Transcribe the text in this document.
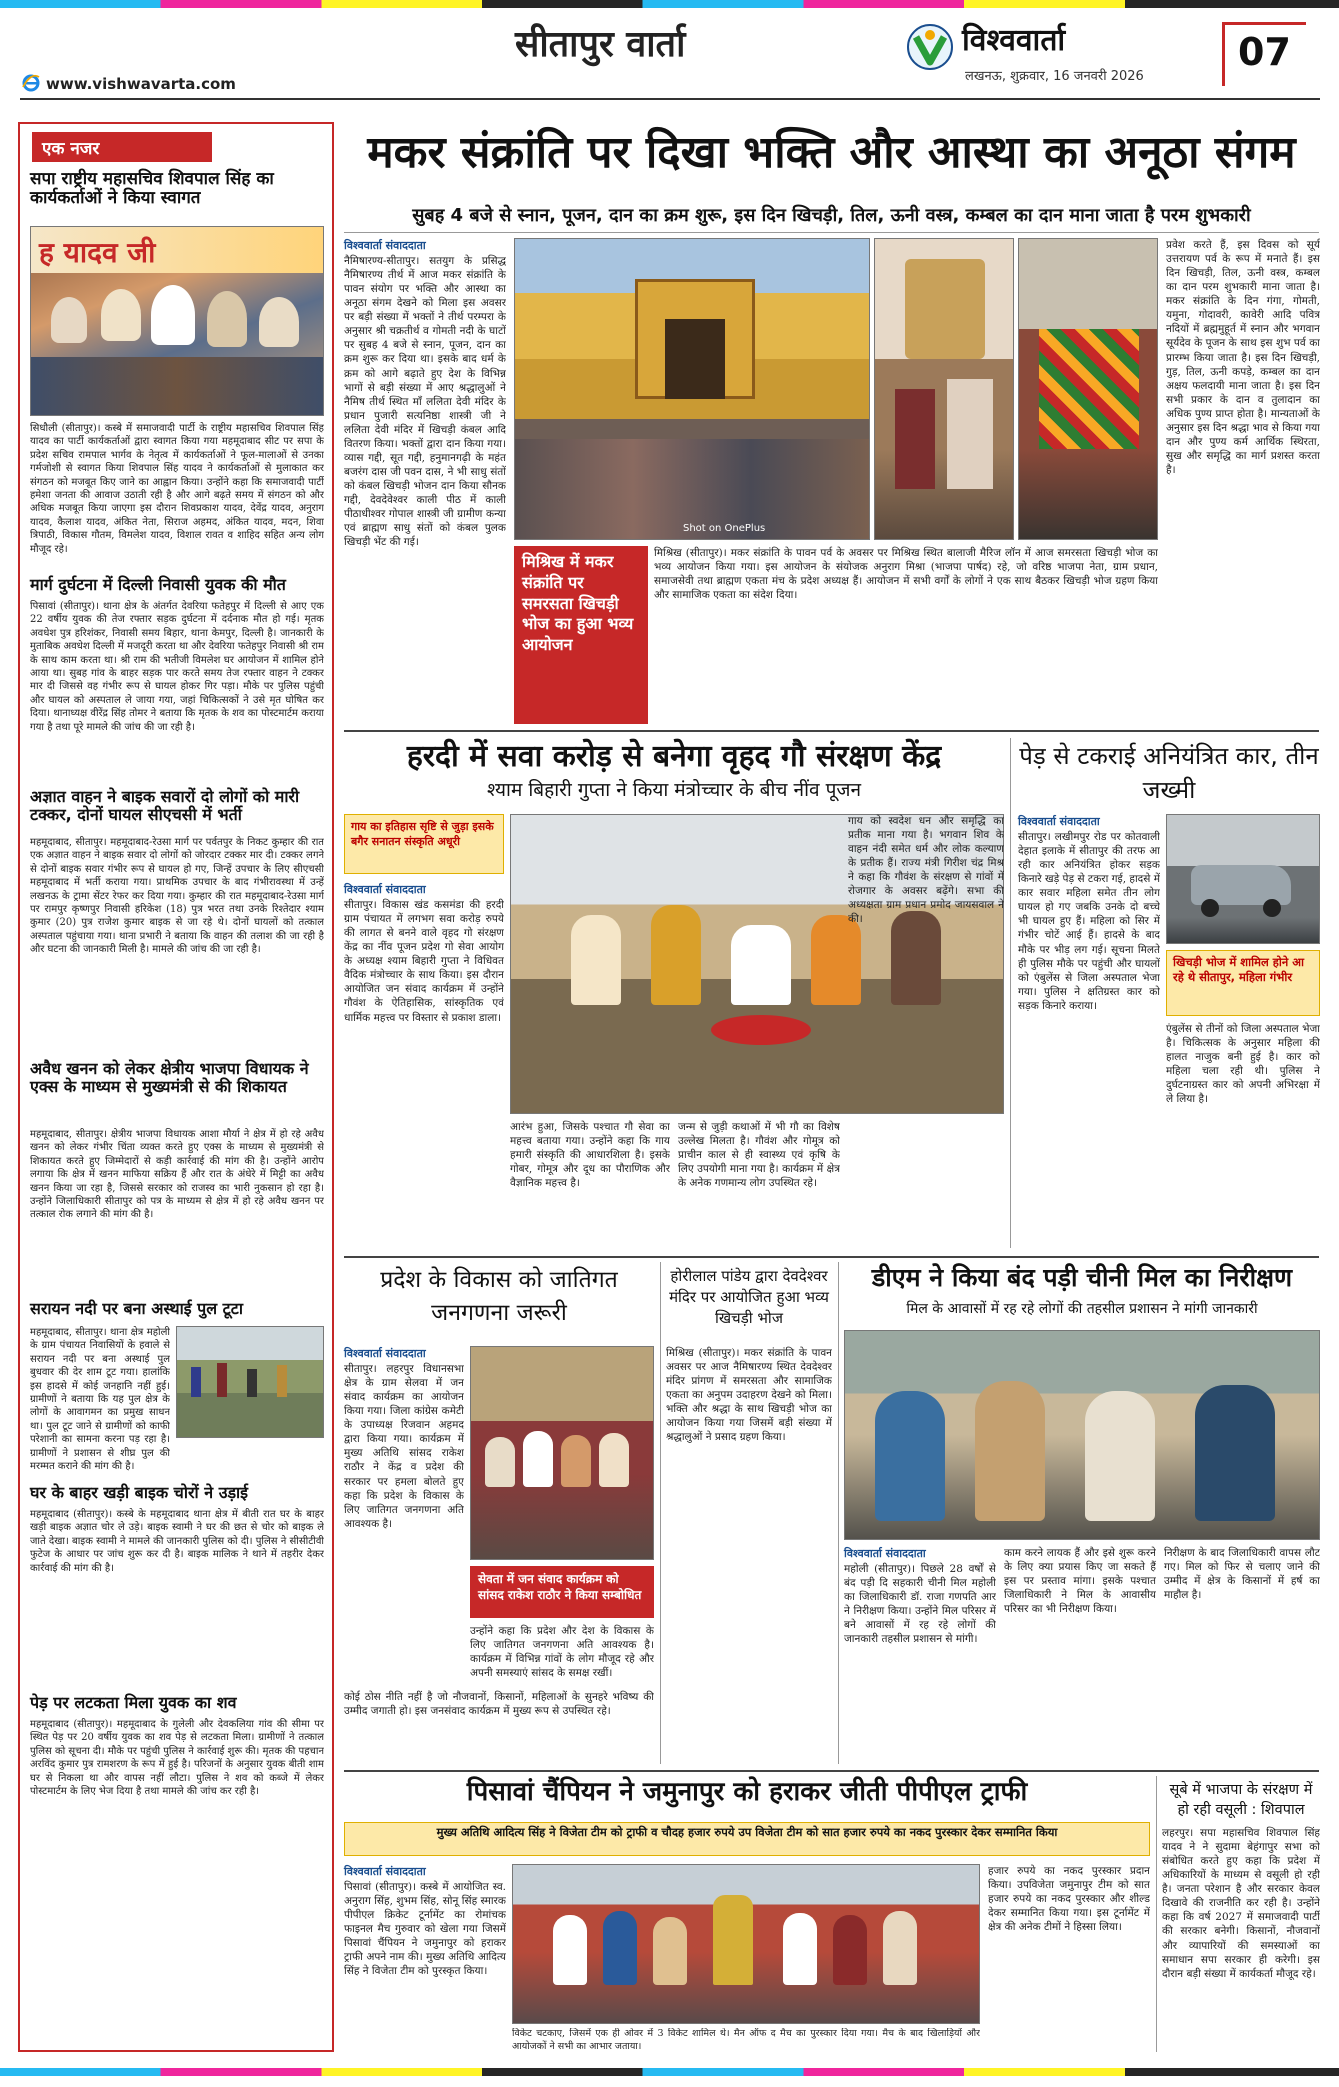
सीतापुर वार्ता	विश्ववार्ता
लखनऊ, शुक्रवार, 16 जनवरी 2026
07
www.vishwavarta.com
एक नजर
सपा राष्ट्रीय महासचिव शिवपाल सिंह का कार्यकर्ताओं ने किया स्वागत
ह यादव जी
सिधौली (सीतापुर)। कस्बे में समाजवादी पार्टी के राष्ट्रीय महासचिव शिवपाल सिंह यादव का पार्टी कार्यकर्ताओं द्वारा स्वागत किया गया महमूदाबाद सीट पर सपा के प्रदेश सचिव रामपाल भार्गव के नेतृत्व में कार्यकर्ताओं ने फूल-मालाओं से उनका गर्मजोशी से स्वागत किया शिवपाल सिंह यादव ने कार्यकर्ताओं से मुलाकात कर संगठन को मजबूत किए जाने का आह्वान किया। उन्होंने कहा कि समाजवादी पार्टी हमेशा जनता की आवाज उठाती रही है और आगे बढ़ते समय में संगठन को और अधिक मजबूत किया जाएगा इस दौरान शिवप्रकाश यादव, देवेंद्र यादव, अनुराग यादव, कैलाश यादव, अंकित नेता, सिराज अहमद, अंकित यादव, मदन, शिवा त्रिपाठी, विकास गौतम, विमलेश यादव, विशाल रावत व शाहिद सहित अन्य लोग मौजूद रहे।
मार्ग दुर्घटना में दिल्ली निवासी युवक की मौत
पिसावां (सीतापुर)। थाना क्षेत्र के अंतर्गत देवरिया फतेहपुर में दिल्ली से आए एक 22 वर्षीय युवक की तेज रफ्तार सड़क दुर्घटना में दर्दनाक मौत हो गई। मृतक अवधेश पुत्र हरिशंकर, निवासी समय बिहार, थाना केमपुर, दिल्ली है। जानकारी के मुताबिक अवधेश दिल्ली में मजदूरी करता था और देवरिया फतेहपुर निवासी श्री राम के साथ काम करता था। श्री राम की भतीजी विमलेश घर आयोजन में शामिल होने आया था। सुबह गांव के बाहर सड़क पार करते समय तेज रफ्तार वाहन ने टक्कर मार दी जिससे वह गंभीर रूप से घायल होकर गिर पड़ा। मौके पर पुलिस पहुंची और घायल को अस्पताल ले जाया गया, जहां चिकित्सकों ने उसे मृत घोषित कर दिया। थानाध्यक्ष वीरेंद्र सिंह तोमर ने बताया कि मृतक के शव का पोस्टमार्टम कराया गया है तथा पूरे मामले की जांच की जा रही है।
अज्ञात वाहन ने बाइक सवारों दो लोगों को मारी टक्कर, दोनों घायल सीएचसी में भर्ती
महमूदाबाद, सीतापुर। महमूदाबाद-रेउसा मार्ग पर पर्वतपुर के निकट कुम्हार की रात एक अज्ञात वाहन ने बाइक सवार दो लोगों को जोरदार टक्कर मार दी। टक्कर लगने से दोनों बाइक सवार गंभीर रूप से घायल हो गए, जिन्हें उपचार के लिए सीएचसी महमूदाबाद में भर्ती कराया गया। प्राथमिक उपचार के बाद गंभीरावस्था में उन्हें लखनऊ के ट्रामा सेंटर रेफर कर दिया गया। कुम्हार की रात महमूदाबाद-रेउसा मार्ग पर रामपुर कृष्णपुर निवासी हरिकेश (18) पुत्र भरत तथा उनके रिश्तेदार श्याम कुमार (20) पुत्र राजेश कुमार बाइक से जा रहे थे। दोनों घायलों को तत्काल अस्पताल पहुंचाया गया। थाना प्रभारी ने बताया कि वाहन की तलाश की जा रही है और घटना की जानकारी मिली है। मामले की जांच की जा रही है।
अवैध खनन को लेकर क्षेत्रीय भाजपा विधायक ने एक्स के माध्यम से मुख्यमंत्री से की शिकायत
महमूदाबाद, सीतापुर। क्षेत्रीय भाजपा विधायक आशा मौर्या ने क्षेत्र में हो रहे अवैध खनन को लेकर गंभीर चिंता व्यक्त करते हुए एक्स के माध्यम से मुख्यमंत्री से शिकायत करते हुए जिम्मेदारों से कड़ी कार्रवाई की मांग की है। उन्होंने आरोप लगाया कि क्षेत्र में खनन माफिया सक्रिय हैं और रात के अंधेरे में मिट्टी का अवैध खनन किया जा रहा है, जिससे सरकार को राजस्व का भारी नुकसान हो रहा है। उन्होंने जिलाधिकारी सीतापुर को पत्र के माध्यम से क्षेत्र में हो रहे अवैध खनन पर तत्काल रोक लगाने की मांग की है।
सरायन नदी पर बना अस्थाई पुल टूटा
महमूदाबाद, सीतापुर। थाना क्षेत्र महोली के ग्राम पंचायत निवासियों के हवाले से सरायन नदी पर बना अस्थाई पुल बुधवार की देर शाम टूट गया। हालांकि इस हादसे में कोई जनहानि नहीं हुई। ग्रामीणों ने बताया कि यह पुल क्षेत्र के लोगों के आवागमन का प्रमुख साधन था। पुल टूट जाने से ग्रामीणों को काफी परेशानी का सामना करना पड़ रहा है। ग्रामीणों ने प्रशासन से शीघ्र पुल की मरम्मत कराने की मांग की है।
घर के बाहर खड़ी बाइक चोरों ने उड़ाई
महमूदाबाद (सीतापुर)। कस्बे के महमूदाबाद थाना क्षेत्र में बीती रात घर के बाहर खड़ी बाइक अज्ञात चोर ले उड़े। बाइक स्वामी ने घर की छत से चोर को बाइक ले जाते देखा। बाइक स्वामी ने मामले की जानकारी पुलिस को दी। पुलिस ने सीसीटीवी फुटेज के आधार पर जांच शुरू कर दी है। बाइक मालिक ने थाने में तहरीर देकर कार्रवाई की मांग की है।
पेड़ पर लटकता मिला युवक का शव
महमूदाबाद (सीतापुर)। महमूदाबाद के गुलेली और देवकलिया गांव की सीमा पर स्थित पेड़ पर 20 वर्षीय युवक का शव पेड़ से लटकता मिला। ग्रामीणों ने तत्काल पुलिस को सूचना दी। मौके पर पहुंची पुलिस ने कार्रवाई शुरू की। मृतक की पहचान अरविंद कुमार पुत्र रामशरण के रूप में हुई है। परिजनों के अनुसार युवक बीती शाम घर से निकला था और वापस नहीं लौटा। पुलिस ने शव को कब्जे में लेकर पोस्टमार्टम के लिए भेज दिया है तथा मामले की जांच कर रही है।
मकर संक्रांति पर दिखा भक्ति और आस्था का अनूठा संगम
सुबह 4 बजे से स्नान, पूजन, दान का क्रम शुरू, इस दिन खिचड़ी, तिल, ऊनी वस्त्र, कम्बल का दान माना जाता है परम शुभकारी
विश्ववार्ता संवाददाता
नैमिषारण्य-सीतापुर। सतयुग के प्रसिद्ध नैमिषारण्य तीर्थ में आज मकर संक्रांति के पावन संयोग पर भक्ति और आस्था का अनूठा संगम देखने को मिला इस अवसर पर बड़ी संख्या में भक्तों ने तीर्थ परम्परा के अनुसार श्री चक्रतीर्थ व गोमती नदी के घाटों पर सुबह 4 बजे से स्नान, पूजन, दान का क्रम शुरू कर दिया था। इसके बाद धर्म के क्रम को आगे बढ़ाते हुए देश के विभिन्न भागों से बड़ी संख्या में आए श्रद्धालुओं ने नैमिष तीर्थ स्थित माँ ललिता देवी मंदिर के प्रधान पुजारी सत्यनिष्ठा शास्त्री जी ने ललिता देवी मंदिर में खिचड़ी कंबल आदि वितरण किया। भक्तों द्वारा दान किया गया। व्यास गद्दी, सूत गद्दी, हनुमानगढ़ी के महंत बजरंग दास जी पवन दास, ने भी साधु संतों को कंबल खिचड़ी भोजन दान किया सौनक गद्दी, देवदेवेश्वर काली पीठ में काली पीठाधीश्वर गोपाल शास्त्री जी ग्रामीण कन्या एवं ब्राह्मण साधु संतों को कंबल पुलक खिचड़ी भेंट की गई।
Shot on OnePlus
प्रवेश करते हैं, इस दिवस को सूर्य उत्तरायण पर्व के रूप में मनाते हैं। इस दिन खिचड़ी, तिल, ऊनी वस्त्र, कम्बल का दान परम शुभकारी माना जाता है। मकर संक्रांति के दिन गंगा, गोमती, यमुना, गोदावरी, कावेरी आदि पवित्र नदियों में ब्रह्ममुहूर्त में स्नान और भगवान सूर्यदेव के पूजन के साथ इस शुभ पर्व का प्रारम्भ किया जाता है। इस दिन खिचड़ी, गुड़, तिल, ऊनी कपड़े, कम्बल का दान अक्षय फलदायी माना जाता है। इस दिन सभी प्रकार के दान व तुलादान का अधिक पुण्य प्राप्त होता है। मान्यताओं के अनुसार इस दिन श्रद्धा भाव से किया गया दान और पुण्य कर्म आर्थिक स्थिरता, सुख और समृद्धि का मार्ग प्रशस्त करता है।
मिश्रिख में मकर संक्रांति पर समरसता खिचड़ी भोज का हुआ भव्य आयोजन
मिश्रिख (सीतापुर)। मकर संक्रांति के पावन पर्व के अवसर पर मिश्रिख स्थित बालाजी मैरिज लॉन में आज समरसता खिचड़ी भोज का भव्य आयोजन किया गया। इस आयोजन के संयोजक अनुराग मिश्रा (भाजपा पार्षद) रहे, जो वरिष्ठ भाजपा नेता, ग्राम प्रधान, समाजसेवी तथा ब्राह्मण एकता मंच के प्रदेश अध्यक्ष हैं। आयोजन में सभी वर्गों के लोगों ने एक साथ बैठकर खिचड़ी भोज ग्रहण किया और सामाजिक एकता का संदेश दिया।
हरदी में सवा करोड़ से बनेगा वृहद गौ संरक्षण केंद्र
श्याम बिहारी गुप्ता ने किया मंत्रोच्चार के बीच नींव पूजन
गाय का इतिहास सृष्टि से जुड़ा इसके बगैर सनातन संस्कृति अधूरी
विश्ववार्ता संवाददाता
सीतापुर। विकास खंड कसमंडा की हरदी ग्राम पंचायत में लगभग सवा करोड़ रुपये की लागत से बनने वाले वृहद गो संरक्षण केंद्र का नींव पूजन प्रदेश गो सेवा आयोग के अध्यक्ष श्याम बिहारी गुप्ता ने विधिवत वैदिक मंत्रोच्चार के साथ किया। इस दौरान आयोजित जन संवाद कार्यक्रम में उन्होंने गौवंश के ऐतिहासिक, सांस्कृतिक एवं धार्मिक महत्त्व पर विस्तार से प्रकाश डाला।
आरंभ हुआ, जिसके पश्चात गौ सेवा का महत्त्व बताया गया। उन्होंने कहा कि गाय हमारी संस्कृति की आधारशिला है। इसके गोबर, गोमूत्र और दूध का पौराणिक और वैज्ञानिक महत्त्व है।
जन्म से जुड़ी कथाओं में भी गौ का विशेष उल्लेख मिलता है। गौवंश और गोमूत्र को प्राचीन काल से ही स्वास्थ्य एवं कृषि के लिए उपयोगी माना गया है। कार्यक्रम में क्षेत्र के अनेक गणमान्य लोग उपस्थित रहे।
गाय को स्वदेश धन और समृद्धि का प्रतीक माना गया है। भगवान शिव के वाहन नंदी समेत धर्म और लोक कल्याण के प्रतीक हैं। राज्य मंत्री गिरीश चंद्र मिश्र ने कहा कि गौवंश के संरक्षण से गांवों में रोजगार के अवसर बढ़ेंगे। सभा की अध्यक्षता ग्राम प्रधान प्रमोद जायसवाल ने की।
पेड़ से टकराई अनियंत्रित कार, तीन जख्मी
विश्ववार्ता संवाददाता
सीतापुर। लखीमपुर रोड पर कोतवाली देहात इलाके में सीतापुर की तरफ आ रही कार अनियंत्रित होकर सड़क किनारे खड़े पेड़ से टकरा गई, हादसे में कार सवार महिला समेत तीन लोग घायल हो गए जबकि उनके दो बच्चे भी घायल हुए हैं। महिला को सिर में गंभीर चोटें आई हैं। हादसे के बाद मौके पर भीड़ लग गई। सूचना मिलते ही पुलिस मौके पर पहुंची और घायलों को एंबुलेंस से जिला अस्पताल भेजा गया। पुलिस ने क्षतिग्रस्त कार को सड़क किनारे कराया।
खिचड़ी भोज में शामिल होने आ रहे थे सीतापुर, महिला गंभीर
एंबुलेंस से तीनों को जिला अस्पताल भेजा है। चिकित्सक के अनुसार महिला की हालत नाजुक बनी हुई है। कार को महिला चला रही थी। पुलिस ने दुर्घटनाग्रस्त कार को अपनी अभिरक्षा में ले लिया है।
प्रदेश के विकास को जातिगत जनगणना जरूरी
विश्ववार्ता संवाददाता
सीतापुर। लहरपुर विधानसभा क्षेत्र के ग्राम सेलवा में जन संवाद कार्यक्रम का आयोजन किया गया। जिला कांग्रेस कमेटी के उपाध्यक्ष रिजवान अहमद द्वारा किया गया। कार्यक्रम में मुख्य अतिथि सांसद राकेश राठौर ने केंद्र व प्रदेश की सरकार पर हमला बोलते हुए कहा कि प्रदेश के विकास के लिए जातिगत जनगणना अति आवश्यक है।
सेवता में जन संवाद कार्यक्रम को सांसद राकेश राठौर ने किया सम्बोधित
उन्होंने कहा कि प्रदेश और देश के विकास के लिए जातिगत जनगणना अति आवश्यक है। कार्यक्रम में विभिन्न गांवों के लोग मौजूद रहे और अपनी समस्याएं सांसद के समक्ष रखीं।
कोई ठोस नीति नहीं है जो नौजवानों, किसानों, महिलाओं के सुनहरे भविष्य की उम्मीद जगाती हो। इस जनसंवाद कार्यक्रम में मुख्य रूप से उपस्थित रहे।
होरीलाल पांडेय द्वारा देवदेश्वर मंदिर पर आयोजित हुआ भव्य खिचड़ी भोज
मिश्रिख (सीतापुर)। मकर संक्रांति के पावन अवसर पर आज नैमिषारण्य स्थित देवदेश्वर मंदिर प्रांगण में समरसता और सामाजिक एकता का अनुपम उदाहरण देखने को मिला। भक्ति और श्रद्धा के साथ खिचड़ी भोज का आयोजन किया गया जिसमें बड़ी संख्या में श्रद्धालुओं ने प्रसाद ग्रहण किया।
डीएम ने किया बंद पड़ी चीनी मिल का निरीक्षण
मिल के आवासों में रह रहे लोगों की तहसील प्रशासन ने मांगी जानकारी
विश्ववार्ता संवाददाता
महोली (सीतापुर)। पिछले 28 वर्षों से बंद पड़ी दि सहकारी चीनी मिल महोली का जिलाधिकारी डॉ. राजा गणपति आर ने निरीक्षण किया। उन्होंने मिल परिसर में बने आवासों में रह रहे लोगों की जानकारी तहसील प्रशासन से मांगी।
काम करने लायक हैं और इसे शुरू करने के लिए क्या प्रयास किए जा सकते हैं इस पर प्रस्ताव मांगा। इसके पश्चात जिलाधिकारी ने मिल के आवासीय परिसर का भी निरीक्षण किया।
निरीक्षण के बाद जिलाधिकारी वापस लौट गए। मिल को फिर से चलाए जाने की उम्मीद में क्षेत्र के किसानों में हर्ष का माहौल है।
पिसावां चैंपियन ने जमुनापुर को हराकर जीती पीपीएल ट्राफी
मुख्य अतिथि आदित्य सिंह ने विजेता टीम को ट्राफी व चौदह हजार रुपये उप विजेता टीम को सात हजार रुपये का नकद पुरस्कार देकर सम्मानित किया
विश्ववार्ता संवाददाता
पिसावां (सीतापुर)। कस्बे में आयोजित स्व. अनुराग सिंह, शुभम सिंह, सोनू सिंह स्मारक पीपीएल क्रिकेट टूर्नामेंट का रोमांचक फाइनल मैच गुरुवार को खेला गया जिसमें पिसावां चैंपियन ने जमुनापुर को हराकर ट्राफी अपने नाम की। मुख्य अतिथि आदित्य सिंह ने विजेता टीम को पुरस्कृत किया।
विकेट चटकाए, जिसमें एक ही ओवर में 3 विकेट शामिल थे। मैन ऑफ द मैच का पुरस्कार दिया गया। मैच के बाद खिलाड़ियों और आयोजकों ने सभी का आभार जताया।
हजार रुपये का नकद पुरस्कार प्रदान किया। उपविजेता जमुनापुर टीम को सात हजार रुपये का नकद पुरस्कार और शील्ड देकर सम्मानित किया गया। इस टूर्नामेंट में क्षेत्र की अनेक टीमों ने हिस्सा लिया।
सूबे में भाजपा के संरक्षण में हो रही वसूली : शिवपाल
लहरपुर। सपा महासचिव शिवपाल सिंह यादव ने ने सुदामा बेहंगापुर सभा को संबोधित करते हुए कहा कि प्रदेश में अधिकारियों के माध्यम से वसूली हो रही है। जनता परेशान है और सरकार केवल दिखावे की राजनीति कर रही है। उन्होंने कहा कि वर्ष 2027 में समाजवादी पार्टी की सरकार बनेगी। किसानों, नौजवानों और व्यापारियों की समस्याओं का समाधान सपा सरकार ही करेगी। इस दौरान बड़ी संख्या में कार्यकर्ता मौजूद रहे।
